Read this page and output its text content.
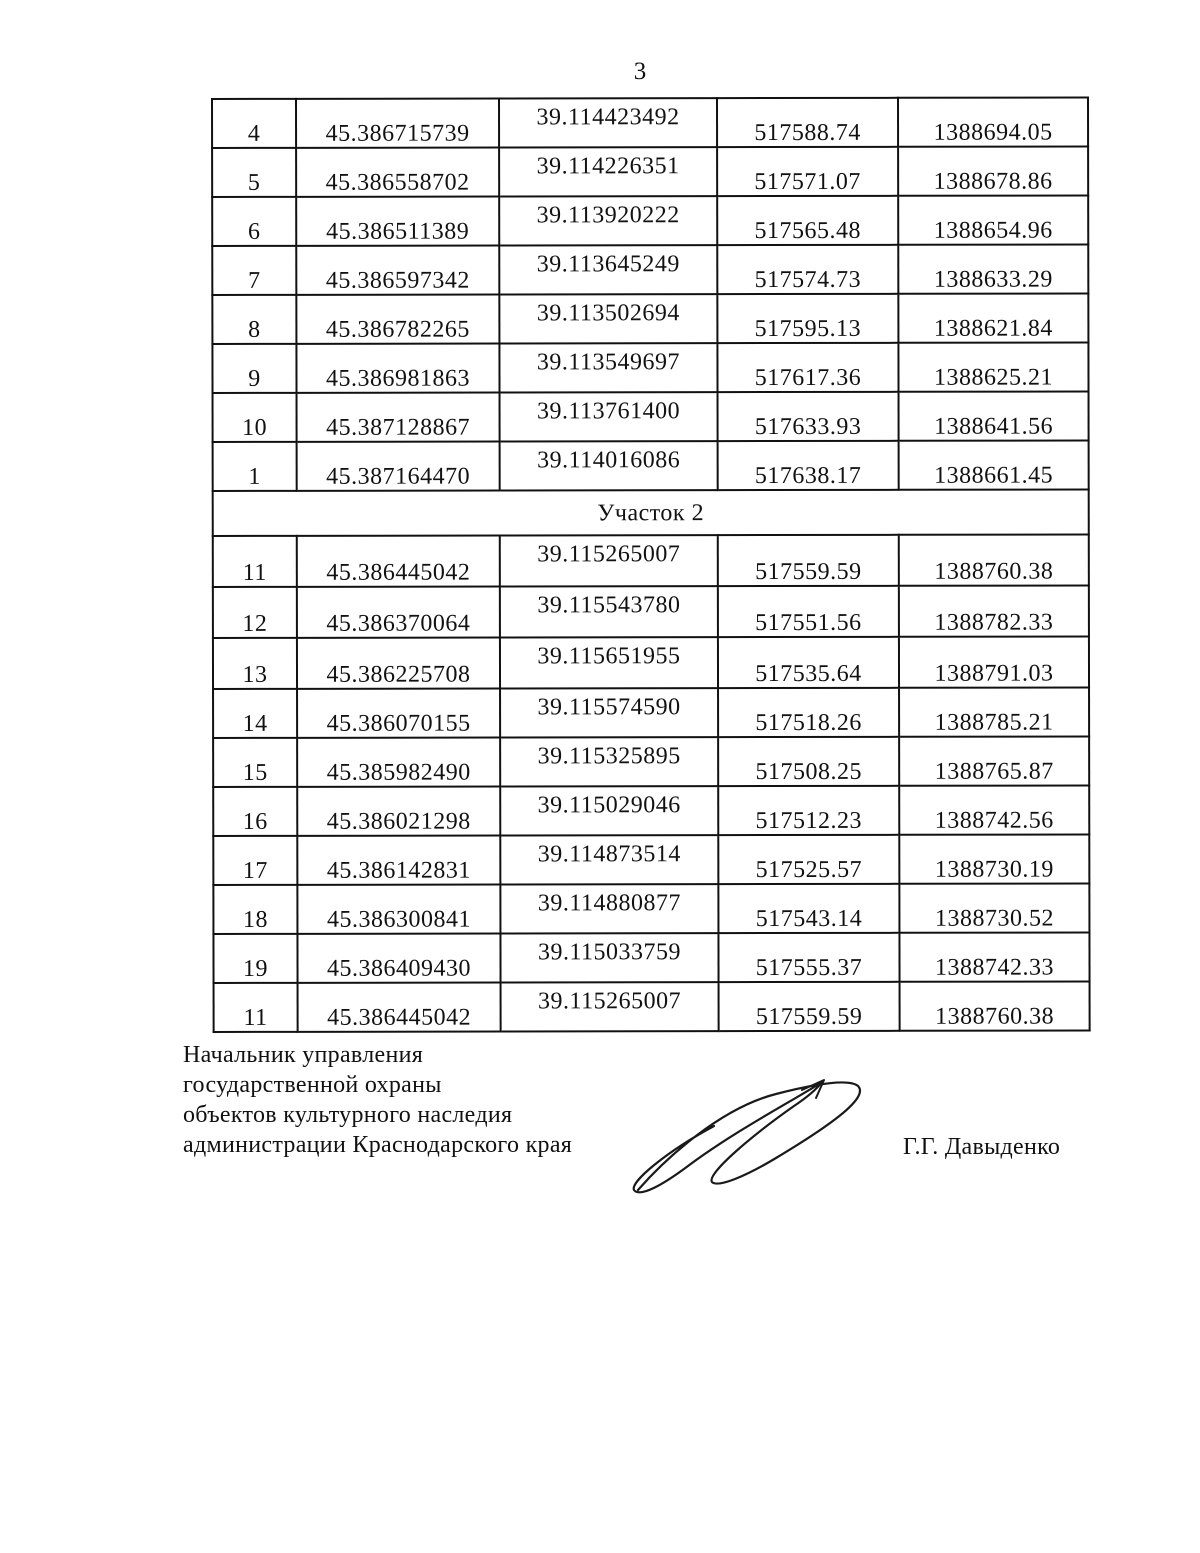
3
4	45.386715739	39.114423492	517588.74	1388694.05
5	45.386558702	39.114226351	517571.07	1388678.86
6	45.386511389	39.113920222	517565.48	1388654.96
7	45.386597342	39.113645249	517574.73	1388633.29
8	45.386782265	39.113502694	517595.13	1388621.84
9	45.386981863	39.113549697	517617.36	1388625.21
10	45.387128867	39.113761400	517633.93	1388641.56
1	45.387164470	39.114016086	517638.17	1388661.45
Участок 2				
11	45.386445042	39.115265007	517559.59	1388760.38
12	45.386370064	39.115543780	517551.56	1388782.33
13	45.386225708	39.115651955	517535.64	1388791.03
14	45.386070155	39.115574590	517518.26	1388785.21
15	45.385982490	39.115325895	517508.25	1388765.87
16	45.386021298	39.115029046	517512.23	1388742.56
17	45.386142831	39.114873514	517525.57	1388730.19
18	45.386300841	39.114880877	517543.14	1388730.52
19	45.386409430	39.115033759	517555.37	1388742.33
11	45.386445042	39.115265007	517559.59	1388760.38
Начальник управления
государственной охраны
объектов культурного наследия
администрации Краснодарского края	Г.Г. Давыденко
